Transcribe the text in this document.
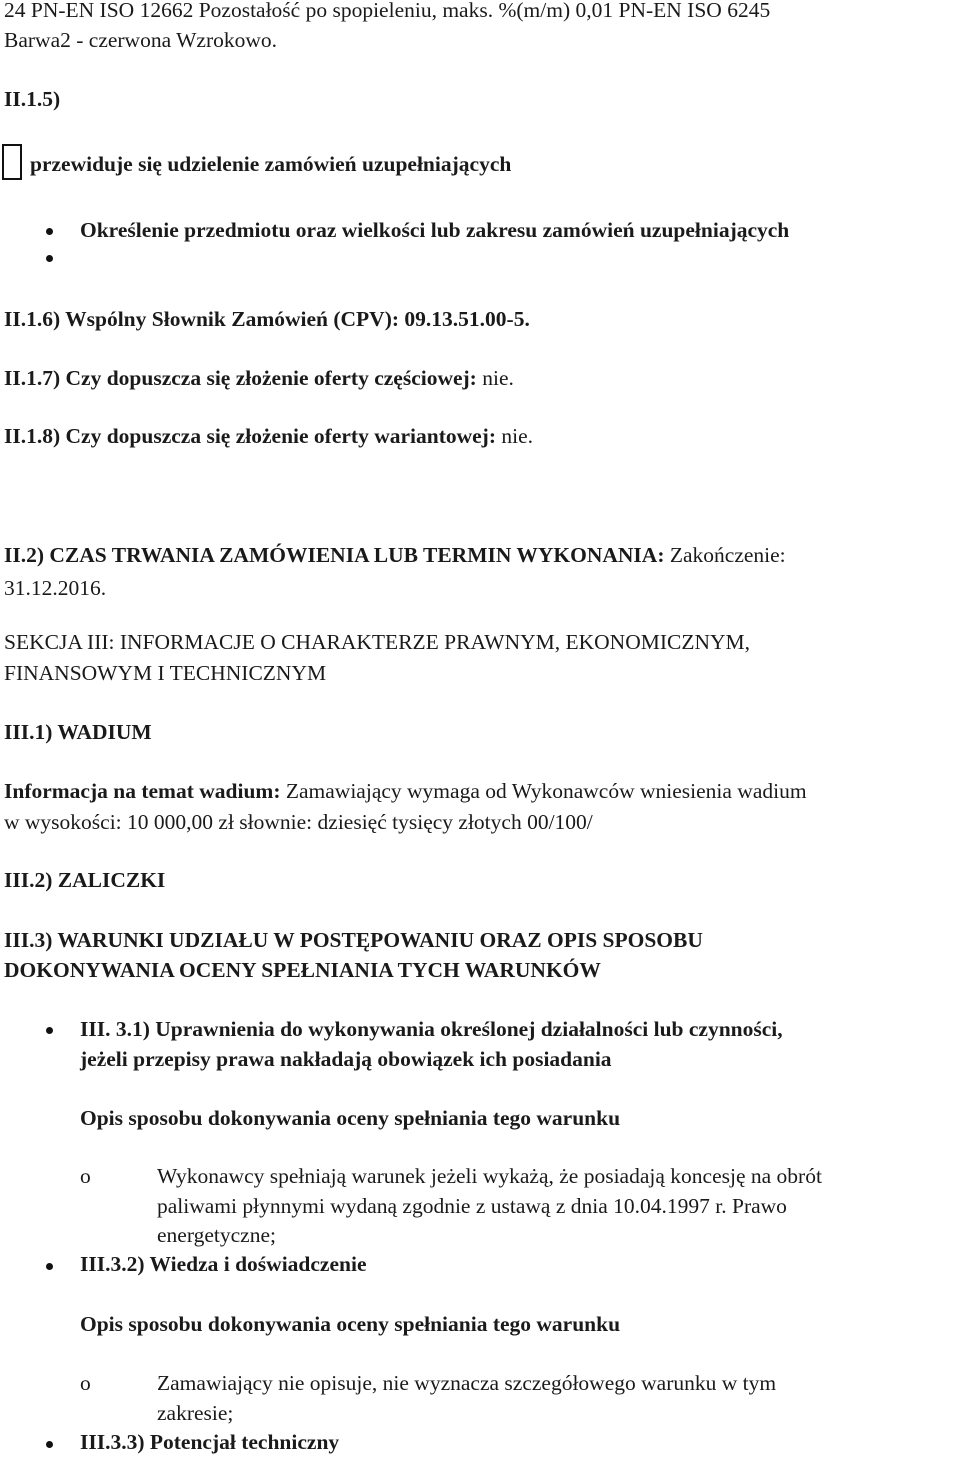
24 PN-EN ISO 12662 Pozostałość po spopieleniu, maks. %(m/m) 0,01 PN-EN ISO 6245
Barwa2 - czerwona Wzrokowo.
II.1.5)
przewiduje się udzielenie zamówień uzupełniających
Określenie przedmiotu oraz wielkości lub zakresu zamówień uzupełniających
II.1.6) Wspólny Słownik Zamówień (CPV): 09.13.51.00-5.
II.1.7) Czy dopuszcza się złożenie oferty częściowej: nie.
II.1.8) Czy dopuszcza się złożenie oferty wariantowej: nie.
II.2) CZAS TRWANIA ZAMÓWIENIA LUB TERMIN WYKONANIA: Zakończenie:
31.12.2016.
SEKCJA III: INFORMACJE O CHARAKTERZE PRAWNYM, EKONOMICZNYM,
FINANSOWYM I TECHNICZNYM
III.1) WADIUM
Informacja na temat wadium: Zamawiający wymaga od Wykonawców wniesienia wadium
w wysokości: 10 000,00 zł słownie: dziesięć tysięcy złotych 00/100/
III.2) ZALICZKI
III.3) WARUNKI UDZIAŁU W POSTĘPOWANIU ORAZ OPIS SPOSOBU
DOKONYWANIA OCENY SPEŁNIANIA TYCH WARUNKÓW
III. 3.1) Uprawnienia do wykonywania określonej działalności lub czynności,
jeżeli przepisy prawa nakładają obowiązek ich posiadania
Opis sposobu dokonywania oceny spełniania tego warunku
o	Wykonawcy spełniają warunek jeżeli wykażą, że posiadają koncesję na obrót
paliwami płynnymi wydaną zgodnie z ustawą z dnia 10.04.1997 r. Prawo
energetyczne;
III.3.2) Wiedza i doświadczenie
Opis sposobu dokonywania oceny spełniania tego warunku
o	Zamawiający nie opisuje, nie wyznacza szczegółowego warunku w tym
zakresie;
III.3.3) Potencjał techniczny
